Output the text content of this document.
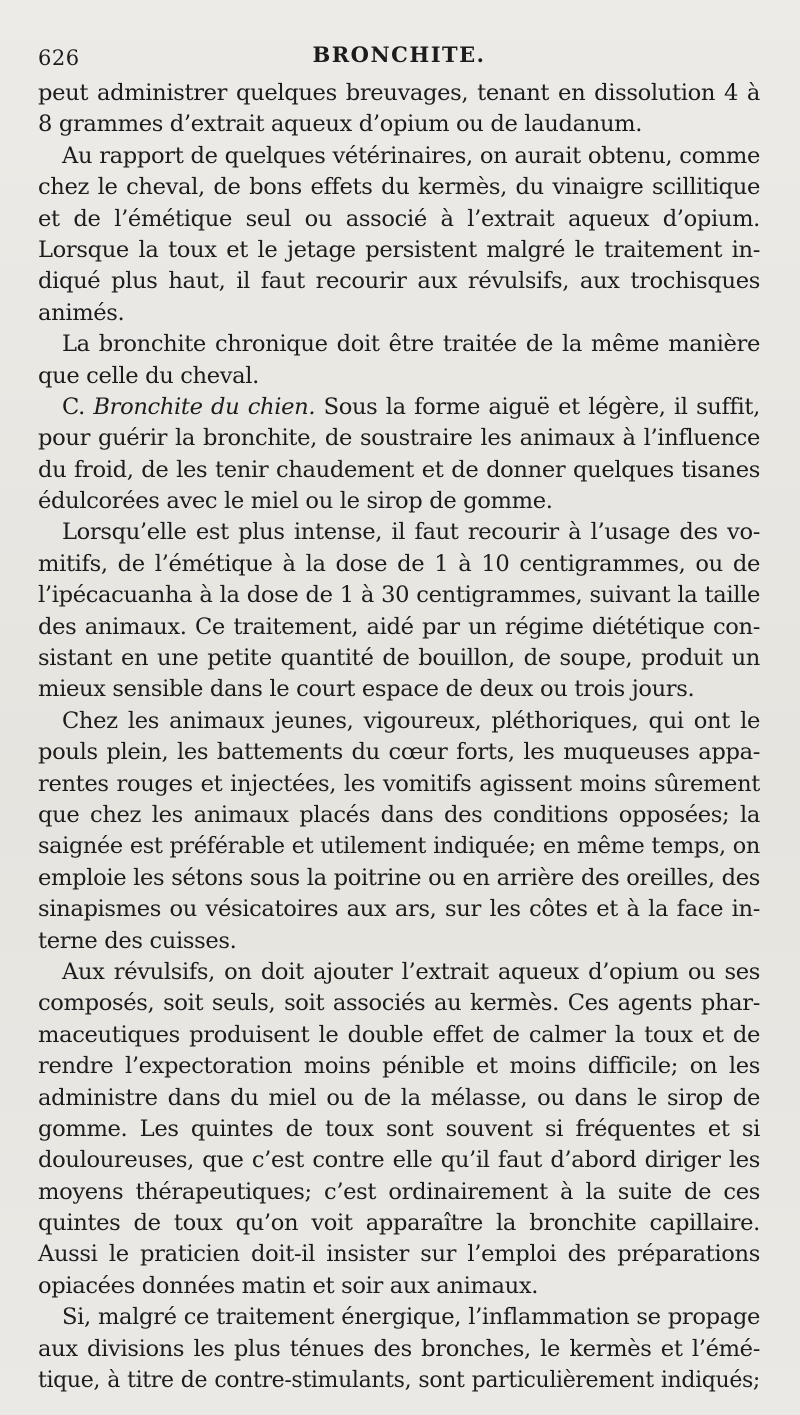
626	BRONCHITE.
peut administrer quelques breuvages, tenant en dissolution 4 à
8 grammes d’extrait aqueux d’opium ou de laudanum.
Au rapport de quelques vétérinaires, on aurait obtenu, comme
chez le cheval, de bons effets du kermès, du vinaigre scillitique
et de l’émétique seul ou associé à l’extrait aqueux d’opium.
Lorsque la toux et le jetage persistent malgré le traitement in-
diqué plus haut, il faut recourir aux révulsifs, aux trochisques
animés.
La bronchite chronique doit être traitée de la même manière
que celle du cheval.
C. Bronchite du chien. Sous la forme aiguë et légère, il suffit,
pour guérir la bronchite, de soustraire les animaux à l’influence
du froid, de les tenir chaudement et de donner quelques tisanes
édulcorées avec le miel ou le sirop de gomme.
Lorsqu’elle est plus intense, il faut recourir à l’usage des vo-
mitifs, de l’émétique à la dose de 1 à 10 centigrammes, ou de
l’ipécacuanha à la dose de 1 à 30 centigrammes, suivant la taille
des animaux. Ce traitement, aidé par un régime diététique con-
sistant en une petite quantité de bouillon, de soupe, produit un
mieux sensible dans le court espace de deux ou trois jours.
Chez les animaux jeunes, vigoureux, pléthoriques, qui ont le
pouls plein, les battements du cœur forts, les muqueuses appa-
rentes rouges et injectées, les vomitifs agissent moins sûrement
que chez les animaux placés dans des conditions opposées; la
saignée est préférable et utilement indiquée; en même temps, on
emploie les sétons sous la poitrine ou en arrière des oreilles, des
sinapismes ou vésicatoires aux ars, sur les côtes et à la face in-
terne des cuisses.
Aux révulsifs, on doit ajouter l’extrait aqueux d’opium ou ses
composés, soit seuls, soit associés au kermès. Ces agents phar-
maceutiques produisent le double effet de calmer la toux et de
rendre l’expectoration moins pénible et moins difficile; on les
administre dans du miel ou de la mélasse, ou dans le sirop de
gomme. Les quintes de toux sont souvent si fréquentes et si
douloureuses, que c’est contre elle qu’il faut d’abord diriger les
moyens thérapeutiques; c’est ordinairement à la suite de ces
quintes de toux qu’on voit apparaître la bronchite capillaire.
Aussi le praticien doit-il insister sur l’emploi des préparations
opiacées données matin et soir aux animaux.
Si, malgré ce traitement énergique, l’inflammation se propage
aux divisions les plus ténues des bronches, le kermès et l’émé-
tique, à titre de contre-stimulants, sont particulièrement indiqués;
